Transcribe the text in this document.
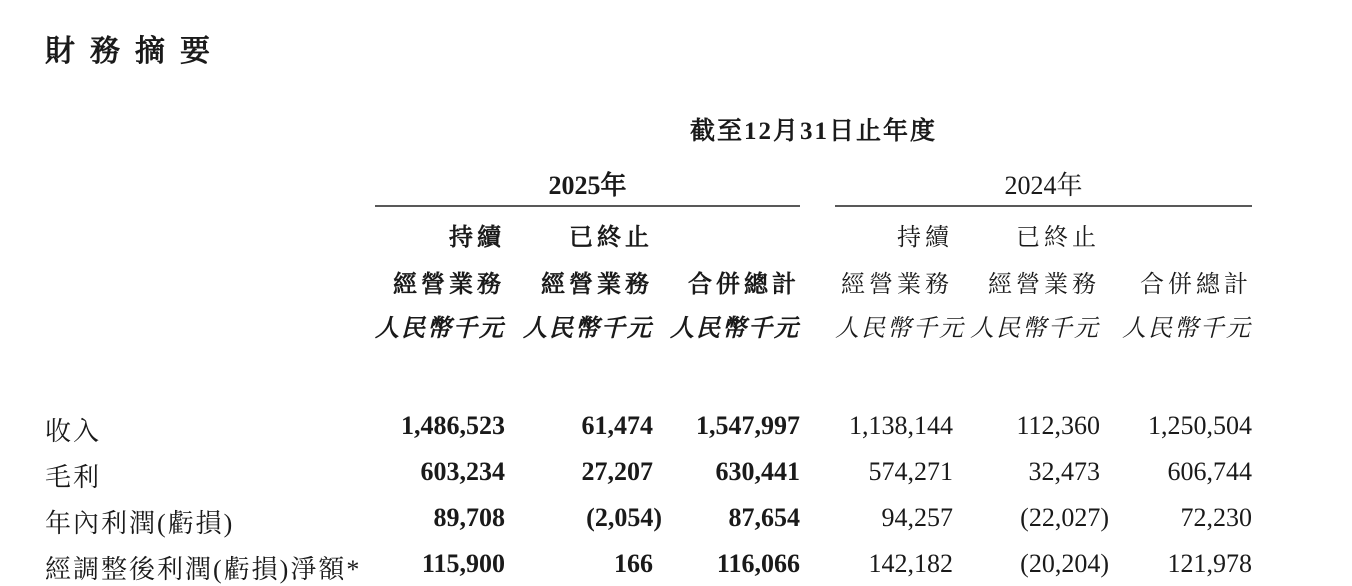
財務摘要
	截至12月31日止年度						
	2025年				2024年		
	持續	已終止			持續	已終止	
	經營業務	經營業務	合併總計		經營業務	經營業務	合併總計
	人民幣千元	人民幣千元	人民幣千元		人民幣千元	人民幣千元	人民幣千元

收入	1,486,523	61,474	1,547,997		1,138,144	112,360	1,250,504
毛利	603,234	27,207	630,441		574,271	32,473	606,744
年內利潤(虧損)	89,708	(2,054)	87,654		94,257	(22,027)	72,230
經調整後利潤(虧損)淨額*	115,900	166	116,066		142,182	(20,204)	121,978
